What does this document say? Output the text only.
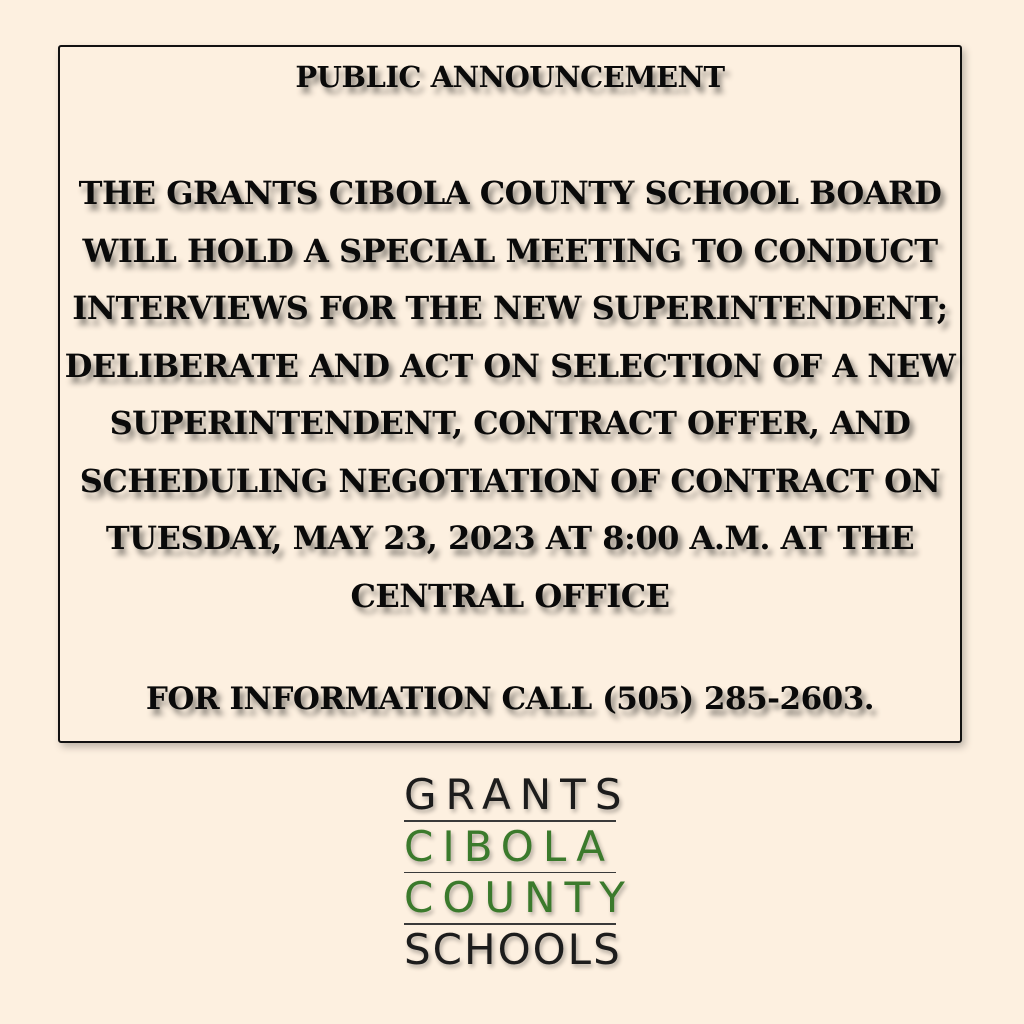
PUBLIC ANNOUNCEMENT
THE GRANTS CIBOLA COUNTY SCHOOL BOARD
WILL HOLD A SPECIAL MEETING TO CONDUCT
INTERVIEWS FOR THE NEW SUPERINTENDENT;
DELIBERATE AND ACT ON SELECTION OF A NEW
SUPERINTENDENT, CONTRACT OFFER, AND
SCHEDULING NEGOTIATION OF CONTRACT ON
TUESDAY, MAY 23, 2023 AT 8:00 A.M. AT THE
CENTRAL OFFICE
FOR INFORMATION CALL (505) 285-2603.
GRANTS
CIBOLA
COUNTY
SCHOOLS
